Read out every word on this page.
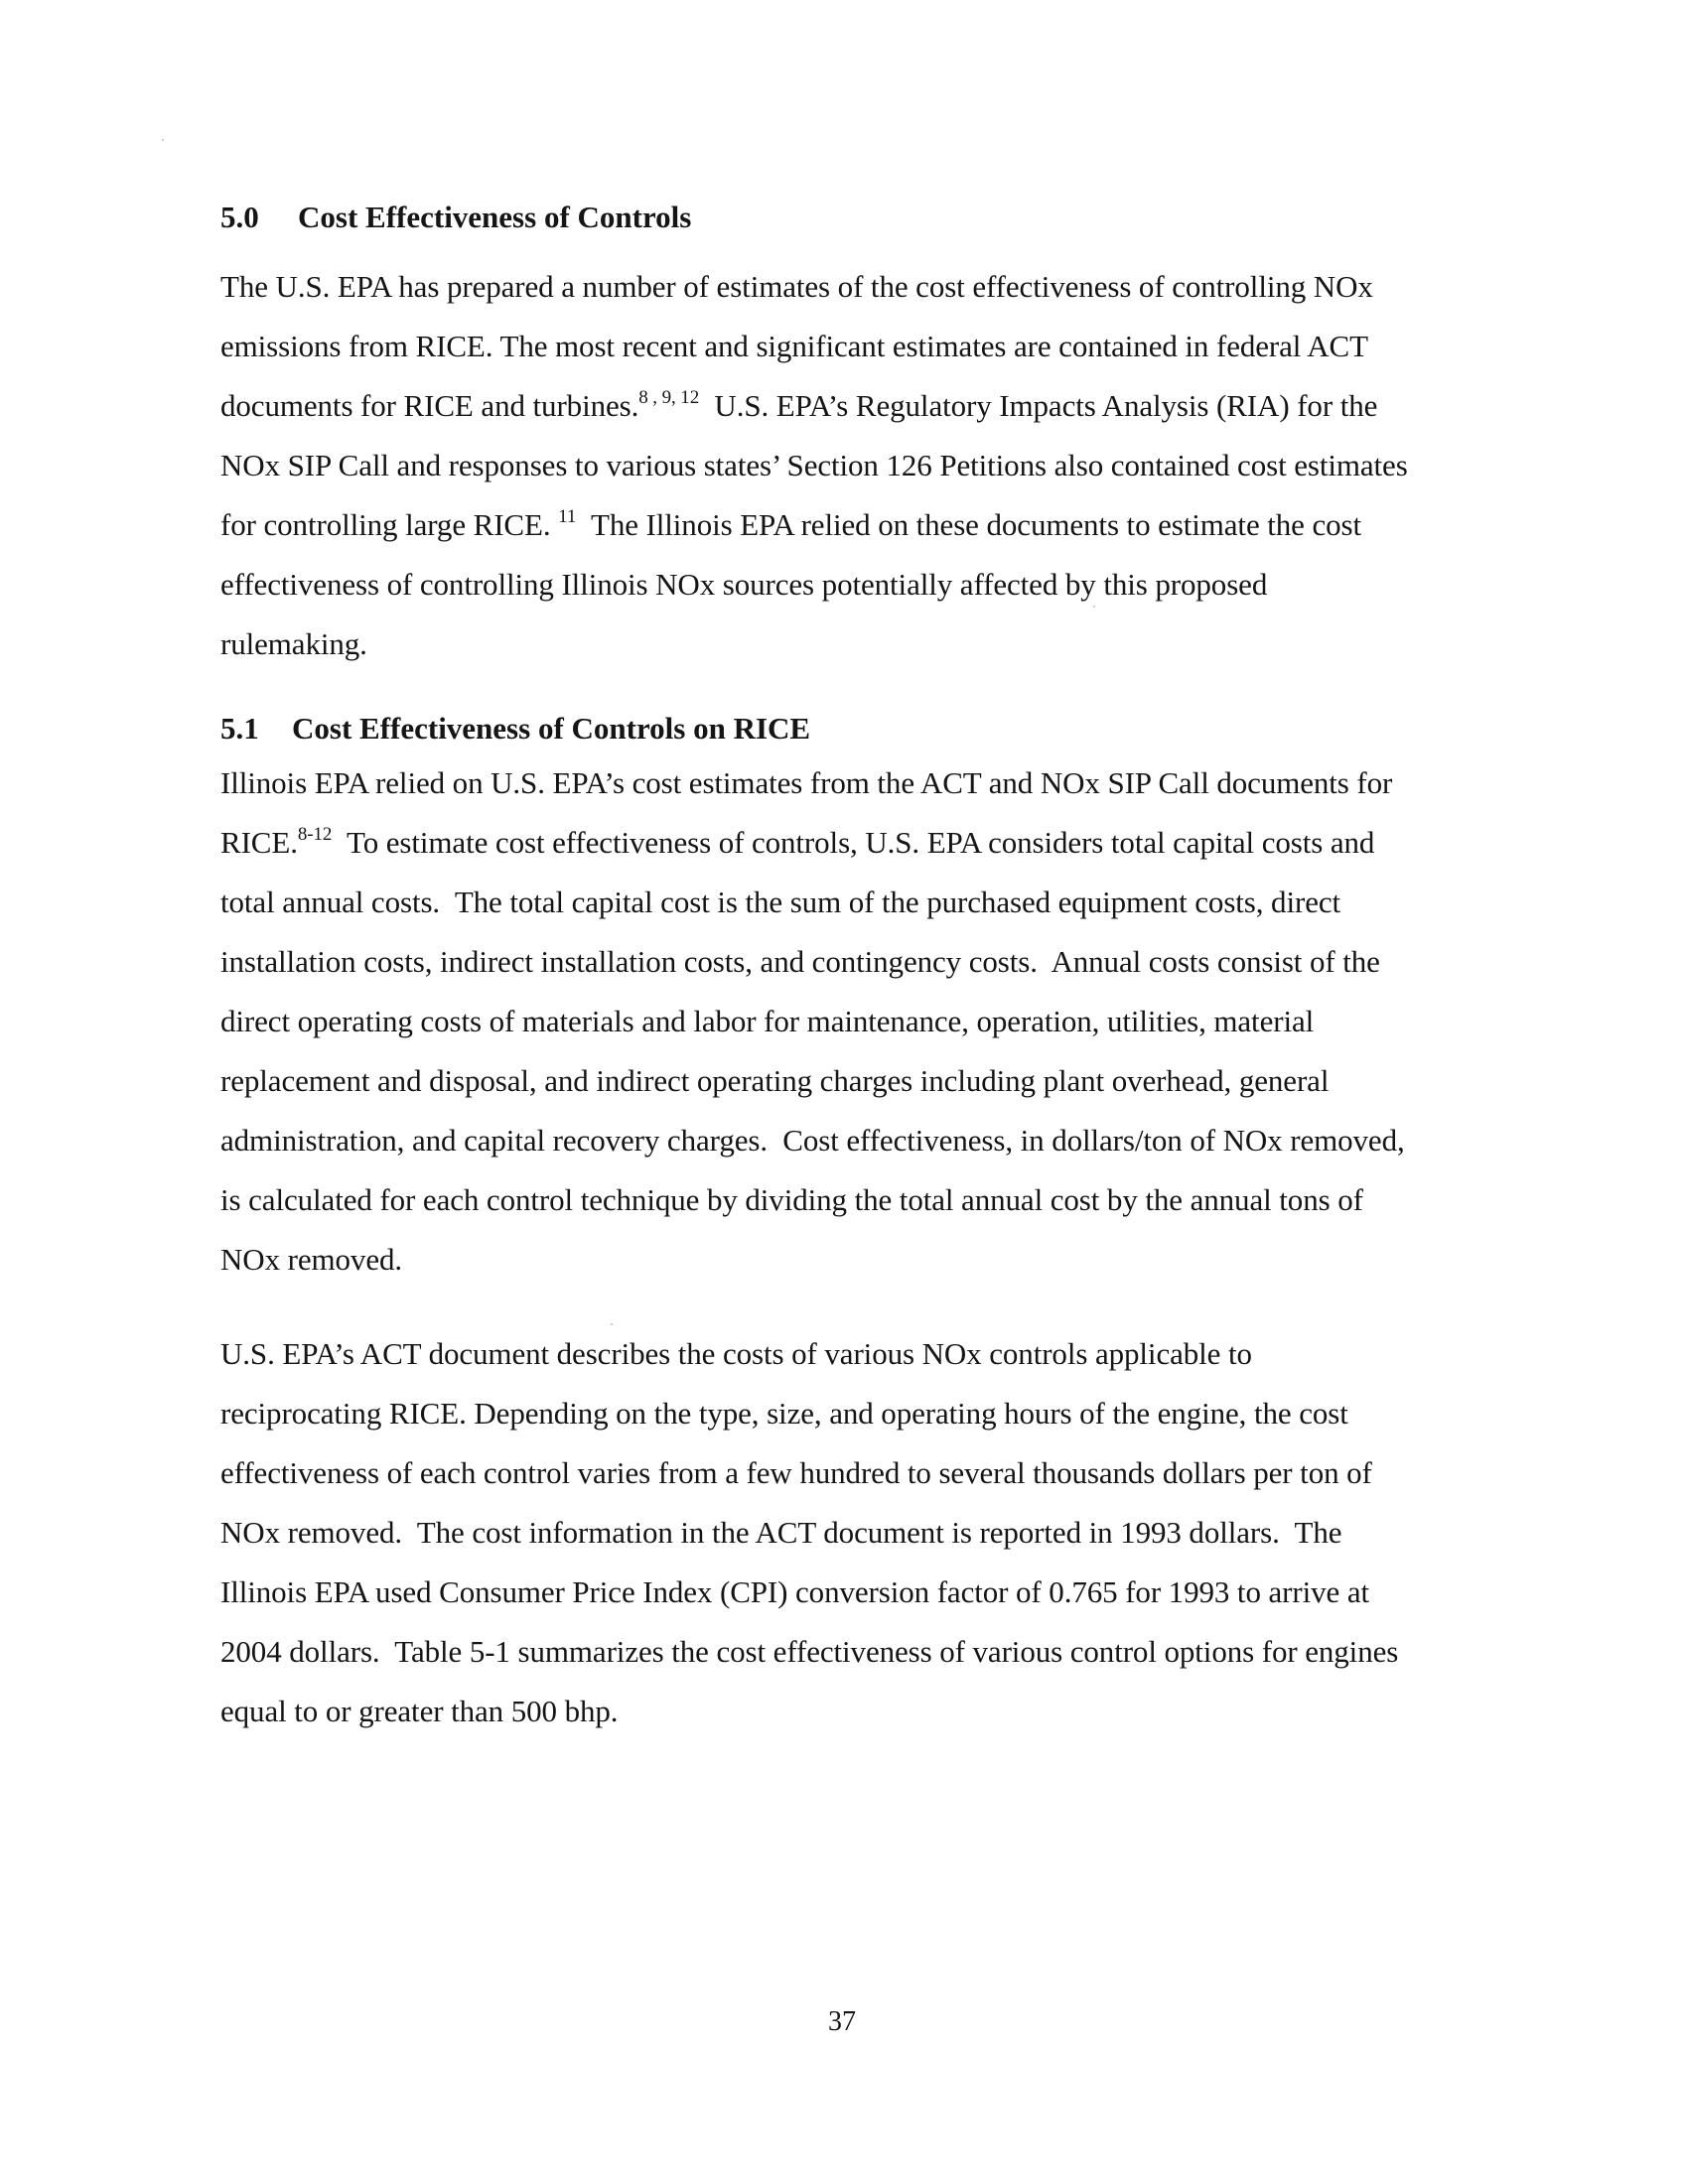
5.0 Cost Effectiveness of Controls
The U.S. EPA has prepared a number of estimates of the cost effectiveness of controlling NOx
emissions from RICE. The most recent and significant estimates are contained in federal ACT
documents for RICE and turbines.$^{8 , 9, 12}$  U.S. EPA’s Regulatory Impacts Analysis (RIA) for the
NOx SIP Call and responses to various states’ Section 126 Petitions also contained cost estimates
for controlling large RICE. $^{11}$  The Illinois EPA relied on these documents to estimate the cost
effectiveness of controlling Illinois NOx sources potentially affected by this proposed
rulemaking.
5.1 Cost Effectiveness of Controls on RICE
Illinois EPA relied on U.S. EPA’s cost estimates from the ACT and NOx SIP Call documents for
RICE.$^{8-12}$  To estimate cost effectiveness of controls, U.S. EPA considers total capital costs and
total annual costs.  The total capital cost is the sum of the purchased equipment costs, direct
installation costs, indirect installation costs, and contingency costs.  Annual costs consist of the
direct operating costs of materials and labor for maintenance, operation, utilities, material
replacement and disposal, and indirect operating charges including plant overhead, general
administration, and capital recovery charges.  Cost effectiveness, in dollars/ton of NOx removed,
is calculated for each control technique by dividing the total annual cost by the annual tons of
NOx removed.
U.S. EPA’s ACT document describes the costs of various NOx controls applicable to
reciprocating RICE. Depending on the type, size, and operating hours of the engine, the cost
effectiveness of each control varies from a few hundred to several thousands dollars per ton of
NOx removed.  The cost information in the ACT document is reported in 1993 dollars.  The
Illinois EPA used Consumer Price Index (CPI) conversion factor of 0.765 for 1993 to arrive at
2004 dollars.  Table 5-1 summarizes the cost effectiveness of various control options for engines
equal to or greater than 500 bhp.
37
